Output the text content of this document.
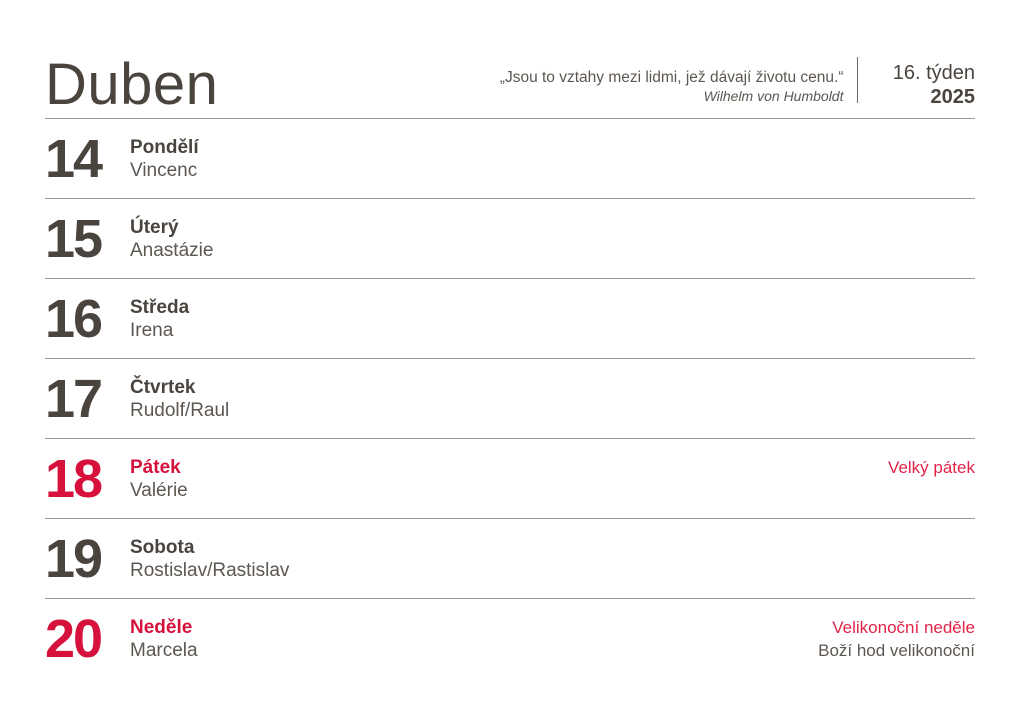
Duben	„Jsou to vztahy mezi lidmi, jež dávají životu cenu.“
Wilhelm von Humboldt
16. týden
2025
14	Pondělí
Vincenc
15	Úterý
Anastázie
16	Středa
Irena
17	Čtvrtek
Rudolf/Raul
18	Pátek
Valérie
Velký pátek
19	Sobota
Rostislav/Rastislav
20	Neděle
Marcela
Velikonoční neděle
Boží hod velikonoční
